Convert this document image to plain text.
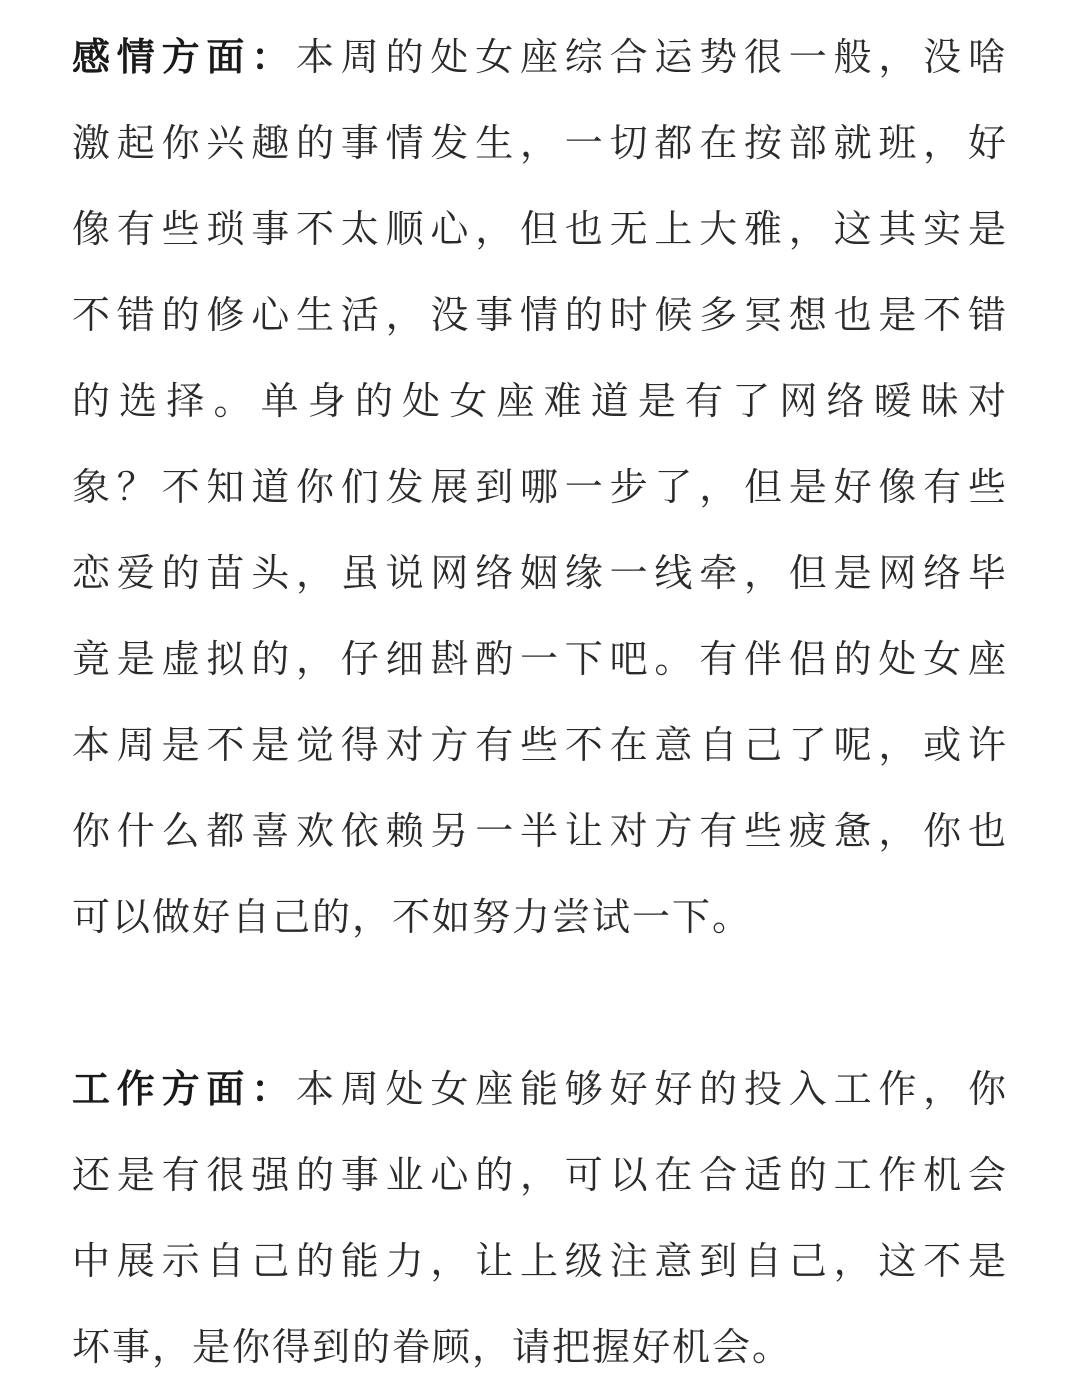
感情方面：本周的处女座综合运势很一般，没啥
激起你兴趣的事情发生，一切都在按部就班，好
像有些琐事不太顺心，但也无上大雅，这其实是
不错的修心生活，没事情的时候多冥想也是不错
的选择。单身的处女座难道是有了网络暧昧对
象？不知道你们发展到哪一步了，但是好像有些
恋爱的苗头，虽说网络姻缘一线牵，但是网络毕
竟是虚拟的，仔细斟酌一下吧。有伴侣的处女座
本周是不是觉得对方有些不在意自己了呢，或许
你什么都喜欢依赖另一半让对方有些疲惫，你也
可以做好自己的，不如努力尝试一下。
工作方面：本周处女座能够好好的投入工作，你
还是有很强的事业心的，可以在合适的工作机会
中展示自己的能力，让上级注意到自己，这不是
坏事，是你得到的眷顾，请把握好机会。
